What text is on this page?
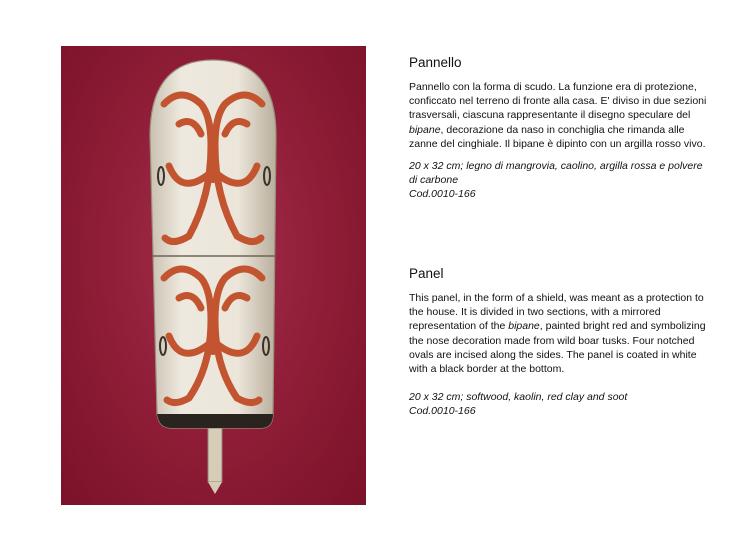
Pannello

Pannello con la forma di scudo. La funzione era di protezione, conficcato nel terreno di fronte alla casa. E' diviso in due sezioni trasversali, ciascuna rappresentante il disegno speculare del bipane, decorazione da naso in conchiglia che rimanda alle zanne del cinghiale. Il bipane è dipinto con un argilla rosso vivo.

20 x 32 cm; legno di mangrovia, caolino, argilla rossa e polvere di carbone

Cod.0010-166

Panel

This panel, in the form of a shield, was meant as a protection to the house. It is divided in two sections, with a mirrored representation of the bipane, painted bright red and symbolizing the nose decoration made from wild boar tusks. Four notched ovals are incised along the sides. The panel is coated in white with a black border at the bottom.

20 x 32 cm; softwood, kaolin, red clay and soot

Cod.0010-166
